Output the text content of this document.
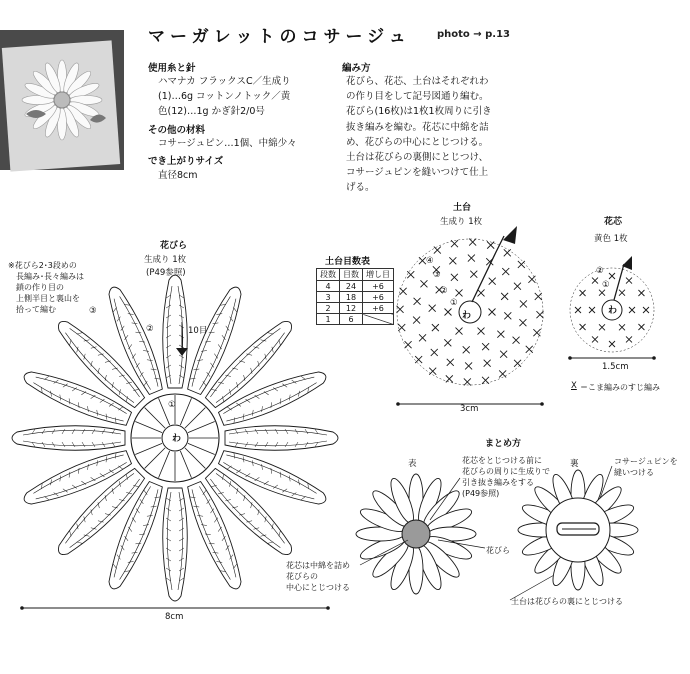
マーガレットのコサージュ	photo → p.13
使用糸と針
ハマナカ フラックスC／生成り
(1)…6g コットンノトック／黄
色(12)…1g かぎ針2/0号
その他の材料
コサージュピン…1個、中綿少々
でき上がりサイズ
直径8cm
編み方
花びら、花芯、土台はそれぞれわ
の作り目をして記号図通り編む。
花びら(16枚)は1枚1枚周りに引き
抜き編みを編む。花芯に中綿を詰
め、花びらの中心にとじつける。
土台は花びらの裏側にとじつけ、
コサージュピンを縫いつけて仕上
げる。
花びら
生成り 1枚
(P49参照)
※花びら2･3段めの
長編み･長々編みは
鎖の作り目の
上側半目と裏山を
拾って編む	③
②	10目
①
わ
8cm
土台目数表
段数	目数	増し目
4	24	+6
3	18	+6
2	12	+6
1	6	
土台
生成り 1枚
④
③
②
①
わ
3cm
花芯
黄色 1枚
②
①
わ
1.5cm
X ＝こま編みのすじ編み
まとめ方
表	裏
花芯をとじつける前に
花びらの周りに生成りで
引き抜き編みをする
(P49参照)
花びら
花芯は中綿を詰め
花びらの
中心にとじつける
コサージュピンを
縫いつける
土台は花びらの裏にとじつける
